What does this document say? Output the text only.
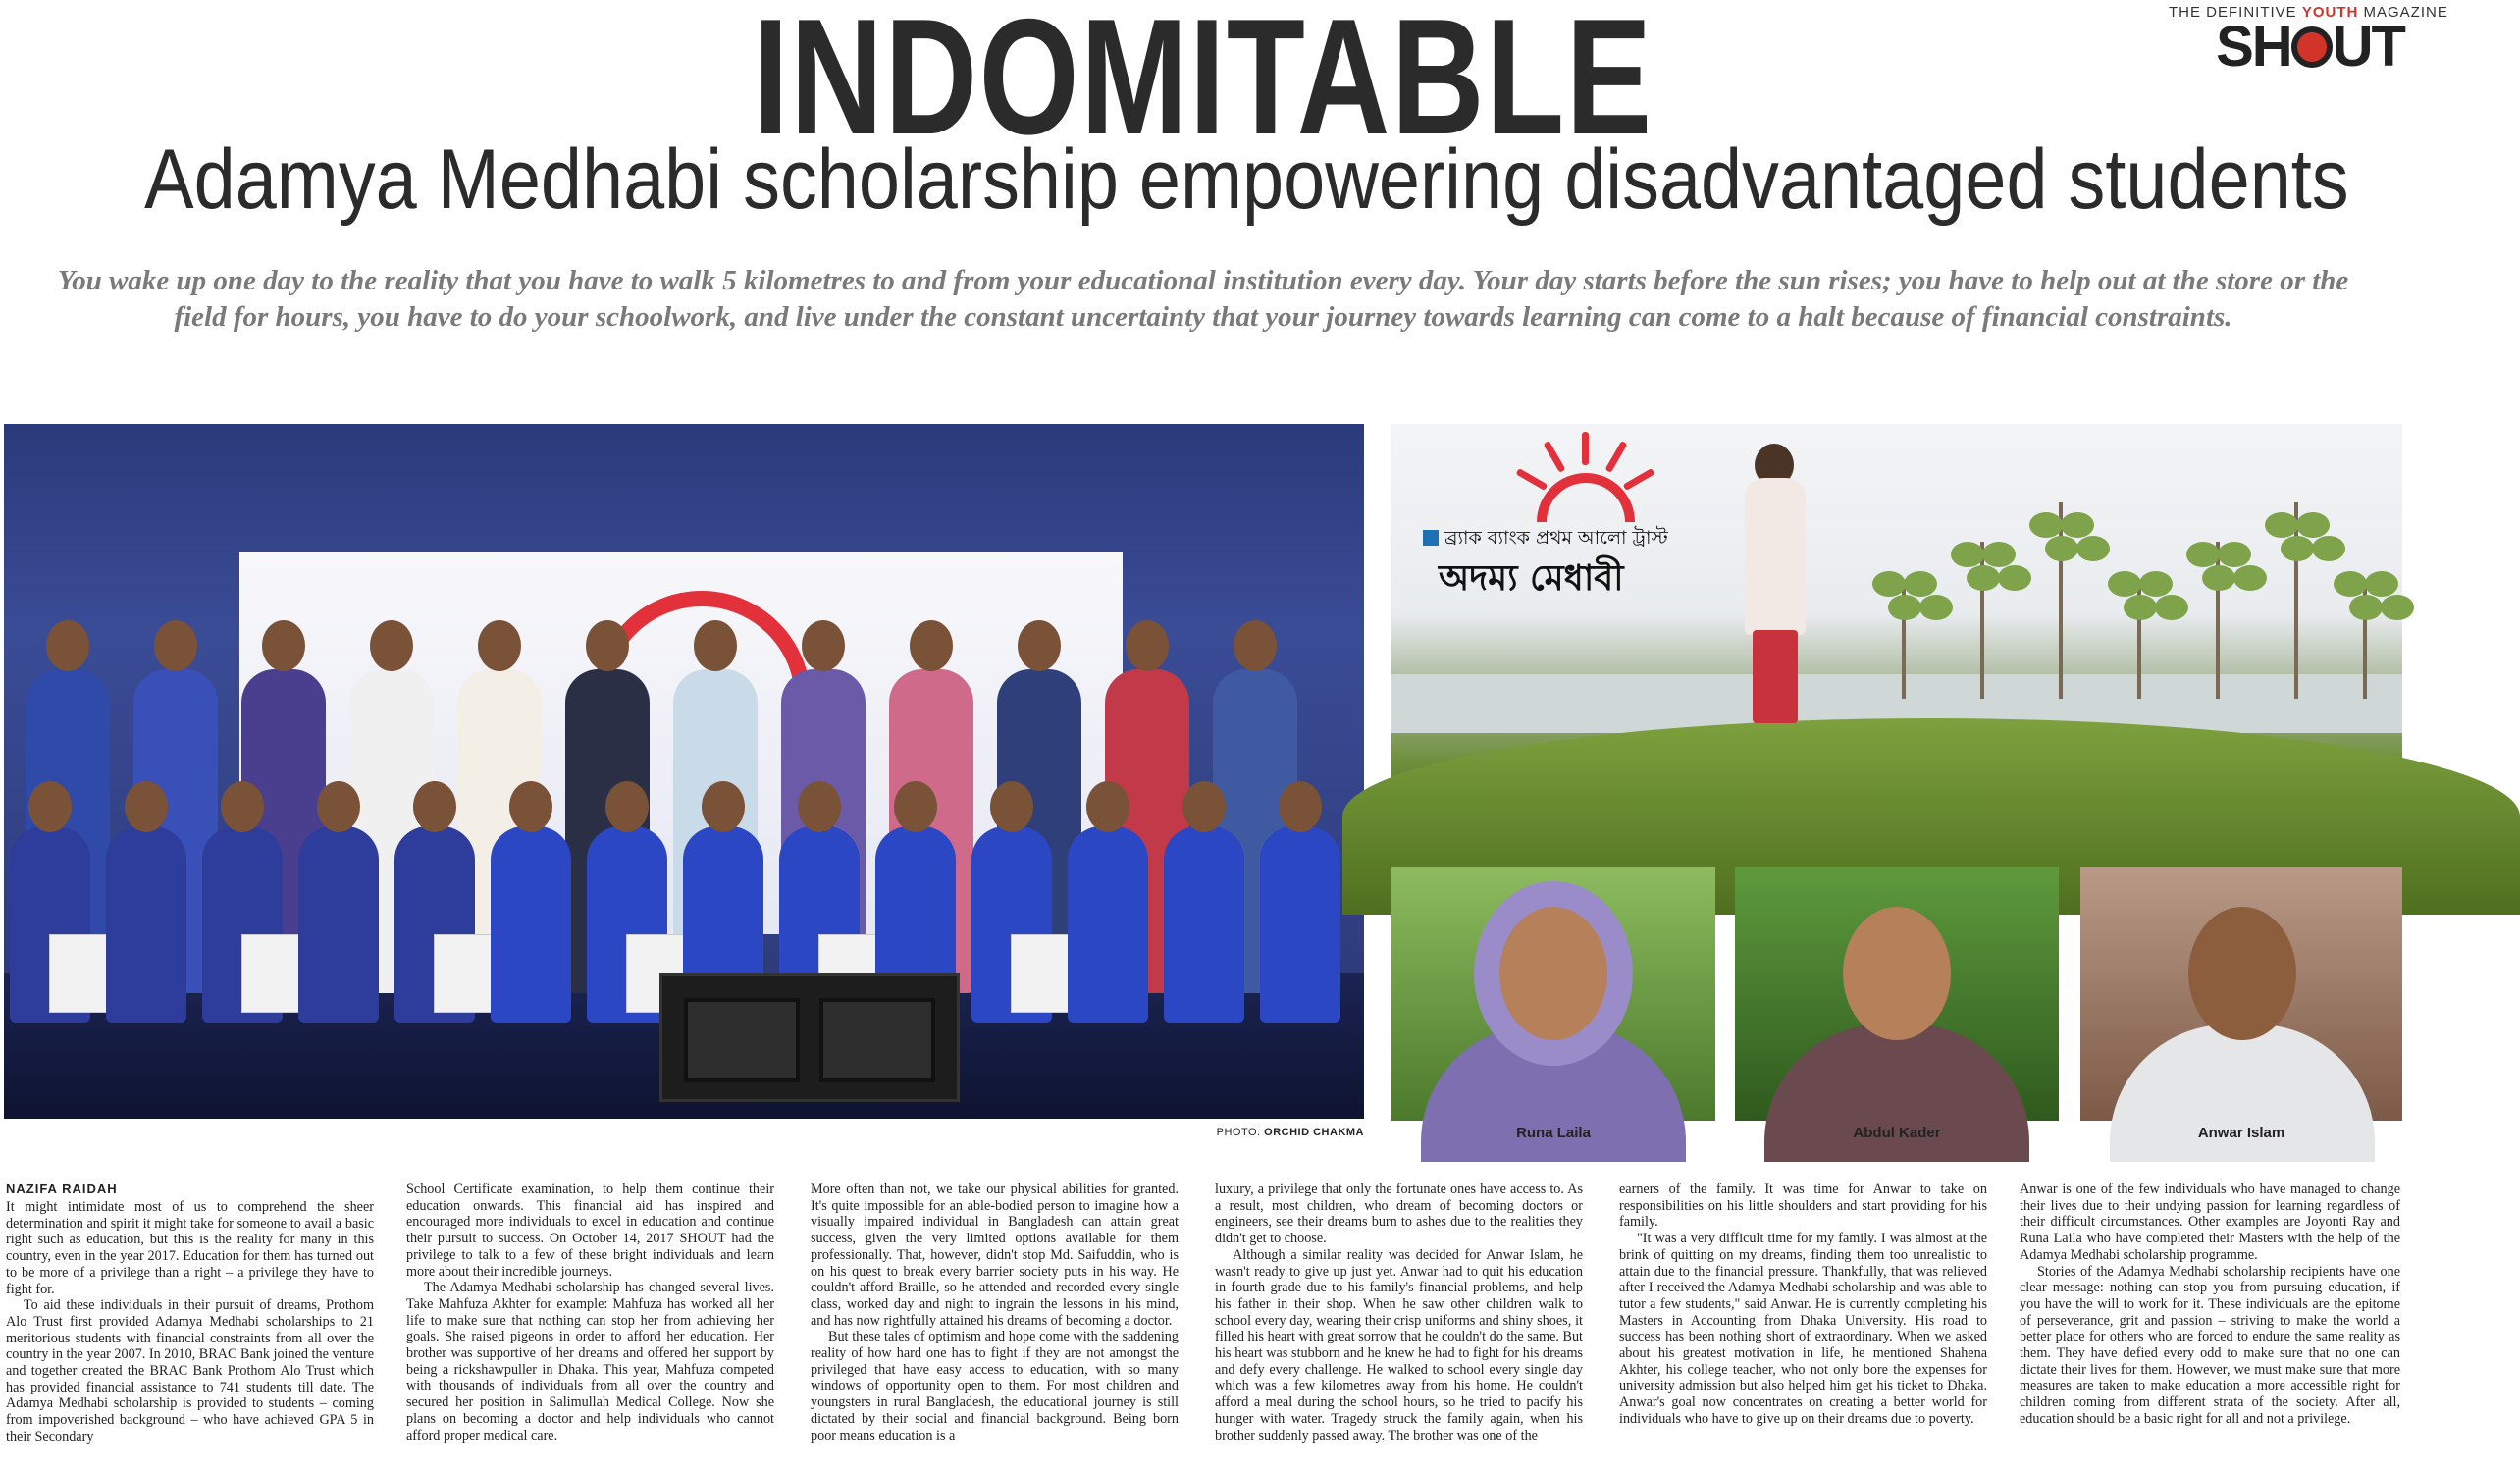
INDOMITABLE
Adamya Medhabi scholarship empowering disadvantaged students
You wake up one day to the reality that you have to walk 5 kilometres to and from your educational institution every day. Your day starts before the sun rises; you have to help out at the store or the field for hours, you have to do your schoolwork, and live under the constant uncertainty that your journey towards learning can come to a halt because of financial constraints.
THE DEFINITIVE YOUTH MAGAZINE
SH UT
PHOTO: ORCHID CHAKMA
ব্র্যাক ব্যাংক প্রথম আলো ট্রাস্ট
অদম্য মেধাবী
Runa Laila	Abdul Kader	Anwar Islam
NAZIFA RAIDAH

It might intimidate most of us to comprehend the sheer determination and spirit it might take for someone to avail a basic right such as education, but this is the reality for many in this country, even in the year 2017. Education for them has turned out to be more of a privilege than a right – a privilege they have to fight for.

To aid these individuals in their pursuit of dreams, Prothom Alo Trust first provided Adamya Medhabi scholarships to 21 meritorious students with financial constraints from all over the country in the year 2007. In 2010, BRAC Bank joined the venture and together created the BRAC Bank Prothom Alo Trust which has provided financial assistance to 741 students till date. The Adamya Medhabi scholarship is provided to students – coming from impoverished background – who have achieved GPA 5 in their Secondary

School Certificate examination, to help them continue their education onwards. This financial aid has inspired and encouraged more individuals to excel in education and continue their pursuit to success. On October 14, 2017 SHOUT had the privilege to talk to a few of these bright individuals and learn more about their incredible journeys.

The Adamya Medhabi scholarship has changed several lives. Take Mahfuza Akhter for example: Mahfuza has worked all her life to make sure that nothing can stop her from achieving her goals. She raised pigeons in order to afford her education. Her brother was supportive of her dreams and offered her support by being a rickshawpuller in Dhaka. This year, Mahfuza competed with thousands of individuals from all over the country and secured her position in Salimullah Medical College. Now she plans on becoming a doctor and help individuals who cannot afford proper medical care.

More often than not, we take our physical abilities for granted. It's quite impossible for an able-bodied person to imagine how a visually impaired individual in Bangladesh can attain great success, given the very limited options available for them professionally. That, however, didn't stop Md. Saifuddin, who is on his quest to break every barrier society puts in his way. He couldn't afford Braille, so he attended and recorded every single class, worked day and night to ingrain the lessons in his mind, and has now rightfully attained his dreams of becoming a doctor.

But these tales of optimism and hope come with the saddening reality of how hard one has to fight if they are not amongst the privileged that have easy access to education, with so many windows of opportunity open to them. For most children and youngsters in rural Bangladesh, the educational journey is still dictated by their social and financial background. Being born poor means education is a

luxury, a privilege that only the fortunate ones have access to. As a result, most children, who dream of becoming doctors or engineers, see their dreams burn to ashes due to the realities they didn't get to choose.

Although a similar reality was decided for Anwar Islam, he wasn't ready to give up just yet. Anwar had to quit his education in fourth grade due to his family's financial problems, and help his father in their shop. When he saw other children walk to school every day, wearing their crisp uniforms and shiny shoes, it filled his heart with great sorrow that he couldn't do the same. But his heart was stubborn and he knew he had to fight for his dreams and defy every challenge. He walked to school every single day which was a few kilometres away from his home. He couldn't afford a meal during the school hours, so he tried to pacify his hunger with water. Tragedy struck the family again, when his brother suddenly passed away. The brother was one of the

earners of the family. It was time for Anwar to take on responsibilities on his little shoulders and start providing for his family.

"It was a very difficult time for my family. I was almost at the brink of quitting on my dreams, finding them too unrealistic to attain due to the financial pressure. Thankfully, that was relieved after I received the Adamya Medhabi scholarship and was able to tutor a few students," said Anwar. He is currently completing his Masters in Accounting from Dhaka University. His road to success has been nothing short of extraordinary. When we asked about his greatest motivation in life, he mentioned Shahena Akhter, his college teacher, who not only bore the expenses for university admission but also helped him get his ticket to Dhaka. Anwar's goal now concentrates on creating a better world for individuals who have to give up on their dreams due to poverty.

Anwar is one of the few individuals who have managed to change their lives due to their undying passion for learning regardless of their difficult circumstances. Other examples are Joyonti Ray and Runa Laila who have completed their Masters with the help of the Adamya Medhabi scholarship programme.

Stories of the Adamya Medhabi scholarship recipients have one clear message: nothing can stop you from pursuing education, if you have the will to work for it. These individuals are the epitome of perseverance, grit and passion – striving to make the world a better place for others who are forced to endure the same reality as them. They have defied every odd to make sure that no one can dictate their lives for them. However, we must make sure that more measures are taken to make education a more accessible right for children coming from different strata of the society. After all, education should be a basic right for all and not a privilege.
